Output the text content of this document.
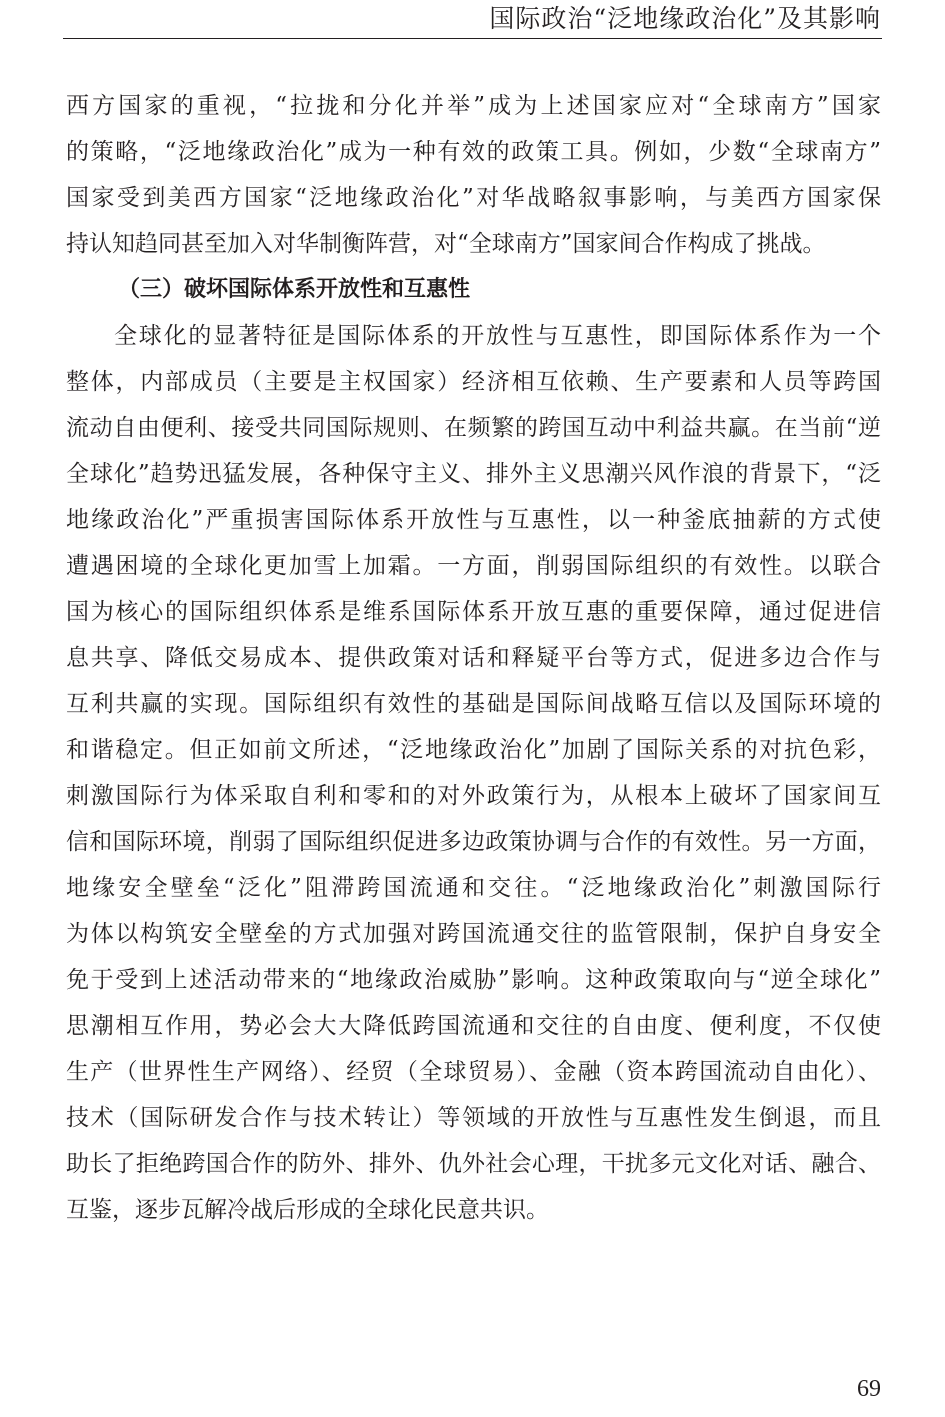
国际政治“泛地缘政治化”及其影响
西方国家的重视，“拉拢和分化并举”成为上述国家应对“全球南方”国家
的策略，“泛地缘政治化”成为一种有效的政策工具。例如，少数“全球南方”
国家受到美西方国家“泛地缘政治化”对华战略叙事影响，与美西方国家保
持认知趋同甚至加入对华制衡阵营，对“全球南方”国家间合作构成了挑战。
（三）破坏国际体系开放性和互惠性
全球化的显著特征是国际体系的开放性与互惠性，即国际体系作为一个
整体，内部成员（主要是主权国家）经济相互依赖、生产要素和人员等跨国
流动自由便利、接受共同国际规则、在频繁的跨国互动中利益共赢。在当前“逆
全球化”趋势迅猛发展，各种保守主义、排外主义思潮兴风作浪的背景下，“泛
地缘政治化”严重损害国际体系开放性与互惠性，以一种釜底抽薪的方式使
遭遇困境的全球化更加雪上加霜。一方面，削弱国际组织的有效性。以联合
国为核心的国际组织体系是维系国际体系开放互惠的重要保障，通过促进信
息共享、降低交易成本、提供政策对话和释疑平台等方式，促进多边合作与
互利共赢的实现。国际组织有效性的基础是国际间战略互信以及国际环境的
和谐稳定。但正如前文所述，“泛地缘政治化”加剧了国际关系的对抗色彩，
刺激国际行为体采取自利和零和的对外政策行为，从根本上破坏了国家间互
信和国际环境，削弱了国际组织促进多边政策协调与合作的有效性。另一方面，
地缘安全壁垒“泛化”阻滞跨国流通和交往。“泛地缘政治化”刺激国际行
为体以构筑安全壁垒的方式加强对跨国流通交往的监管限制，保护自身安全
免于受到上述活动带来的“地缘政治威胁”影响。这种政策取向与“逆全球化”
思潮相互作用，势必会大大降低跨国流通和交往的自由度、便利度，不仅使
生产（世界性生产网络）、经贸（全球贸易）、金融（资本跨国流动自由化）、
技术（国际研发合作与技术转让）等领域的开放性与互惠性发生倒退，而且
助长了拒绝跨国合作的防外、排外、仇外社会心理，干扰多元文化对话、融合、
互鉴，逐步瓦解冷战后形成的全球化民意共识。
69
